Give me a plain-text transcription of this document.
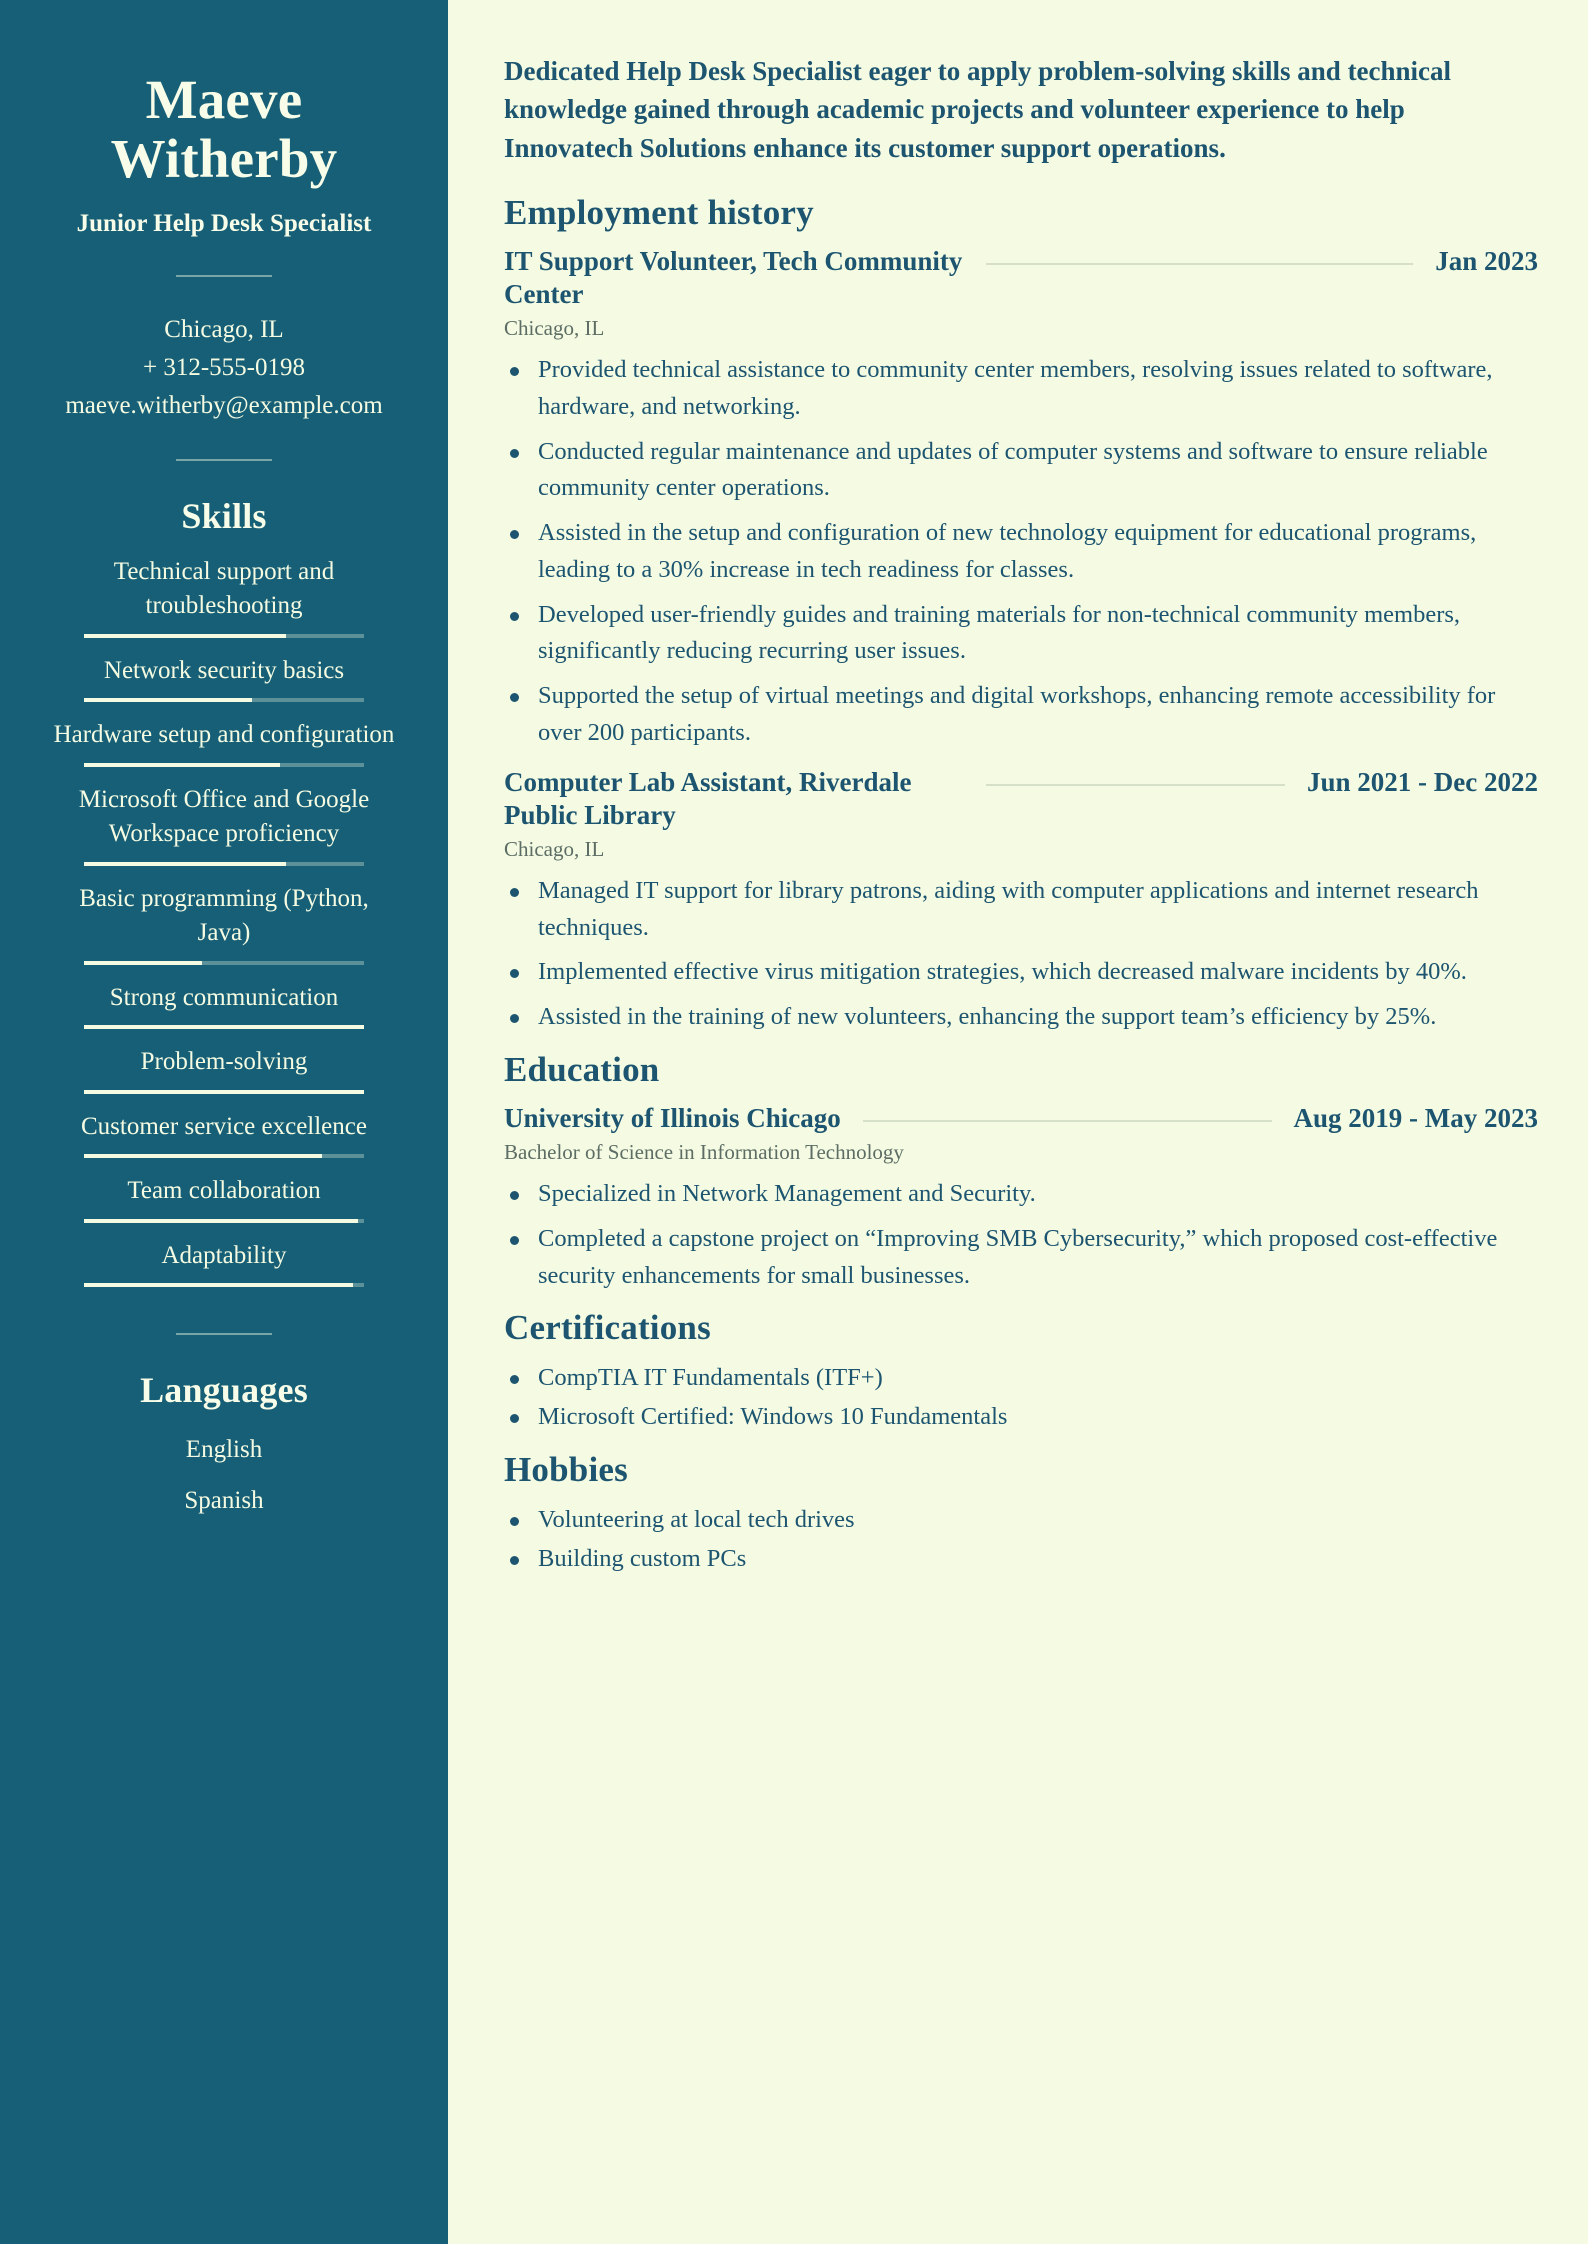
Maeve Witherby
Junior Help Desk Specialist
Chicago, IL
+ 312-555-0198
maeve.witherby@example.com
Skills
Technical support and troubleshooting
Network security basics
Hardware setup and configuration
Microsoft Office and Google Workspace proficiency
Basic programming (Python, Java)
Strong communication
Problem-solving
Customer service excellence
Team collaboration
Adaptability
Languages
English
Spanish

Dedicated Help Desk Specialist eager to apply problem-solving skills and technical knowledge gained through academic projects and volunteer experience to help Innovatech Solutions enhance its customer support operations.

Employment history
IT Support Volunteer, Tech Community Center
Jan 2023
Chicago, IL
Provided technical assistance to community center members, resolving issues related to software, hardware, and networking.
Conducted regular maintenance and updates of computer systems and software to ensure reliable community center operations.
Assisted in the setup and configuration of new technology equipment for educational programs, leading to a 30% increase in tech readiness for classes.
Developed user-friendly guides and training materials for non-technical community members, significantly reducing recurring user issues.
Supported the setup of virtual meetings and digital workshops, enhancing remote accessibility for over 200 participants.
Computer Lab Assistant, Riverdale Public Library
Jun 2021 - Dec 2022
Chicago, IL
Managed IT support for library patrons, aiding with computer applications and internet research techniques.
Implemented effective virus mitigation strategies, which decreased malware incidents by 40%.
Assisted in the training of new volunteers, enhancing the support team’s efficiency by 25%.
Education
University of Illinois Chicago	Aug 2019 - May 2023
Bachelor of Science in Information Technology
Specialized in Network Management and Security.
Completed a capstone project on “Improving SMB Cybersecurity,” which proposed cost-effective security enhancements for small businesses.
Certifications
CompTIA IT Fundamentals (ITF+)
Microsoft Certified: Windows 10 Fundamentals
Hobbies
Volunteering at local tech drives
Building custom PCs
